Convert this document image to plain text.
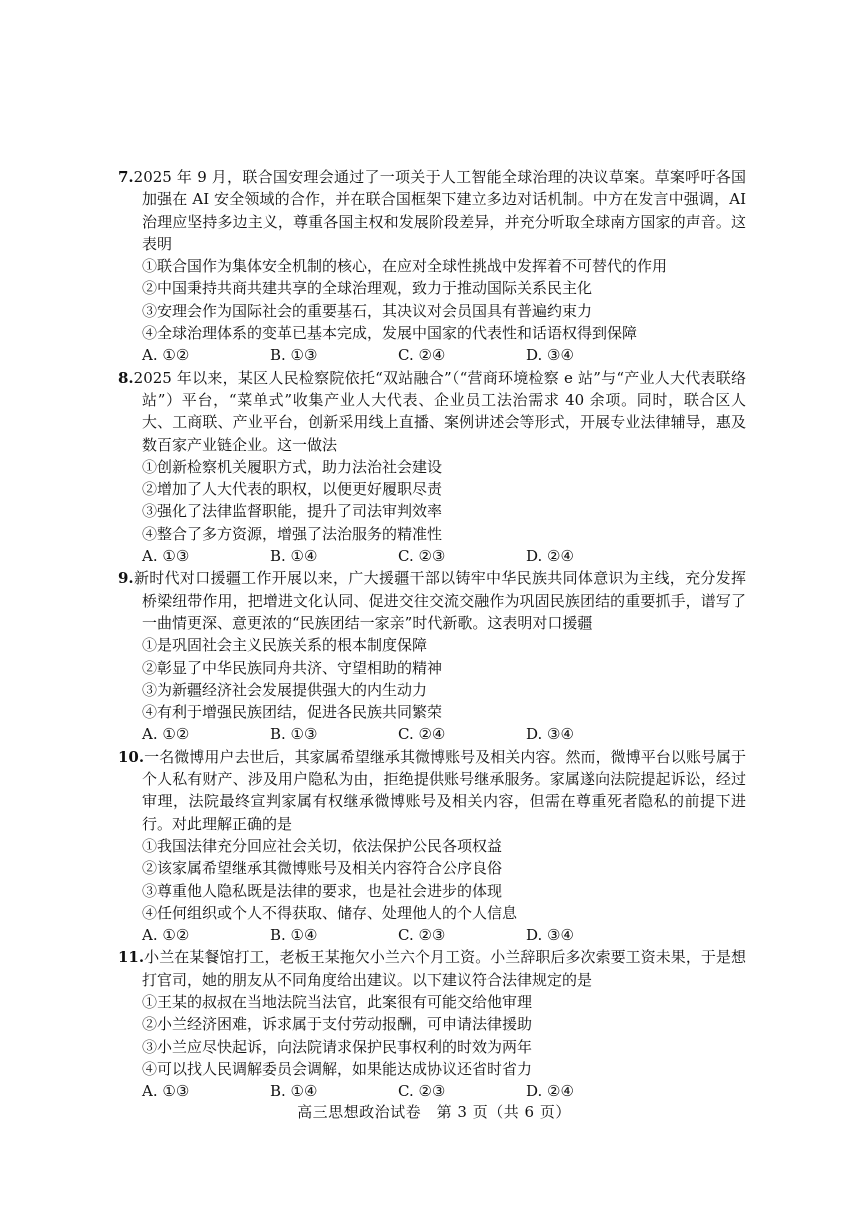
7.2025 年 9 月，联合国安理会通过了一项关于人工智能全球治理的决议草案。草案呼吁各国加强在 AI 安全领域的合作，并在联合国框架下建立多边对话机制。中方在发言中强调，AI 治理应坚持多边主义，尊重各国主权和发展阶段差异，并充分听取全球南方国家的声音。这表明

①联合国作为集体安全机制的核心，在应对全球性挑战中发挥着不可替代的作用
②中国秉持共商共建共享的全球治理观，致力于推动国际关系民主化
③安理会作为国际社会的重要基石，其决议对会员国具有普遍约束力
④全球治理体系的变革已基本完成，发展中国家的代表性和话语权得到保障
A. ①②	B. ①③	C. ②④	D. ③④

8.2025 年以来，某区人民检察院依托“双站融合”（“营商环境检察 e 站”与“产业人大代表联络站”）平台，“菜单式”收集产业人大代表、企业员工法治需求 40 余项。同时，联合区人大、工商联、产业平台，创新采用线上直播、案例讲述会等形式，开展专业法律辅导，惠及数百家产业链企业。这一做法

①创新检察机关履职方式，助力法治社会建设
②增加了人大代表的职权，以便更好履职尽责
③强化了法律监督职能，提升了司法审判效率
④整合了多方资源，增强了法治服务的精准性
A. ①③	B. ①④	C. ②③	D. ②④

9.新时代对口援疆工作开展以来，广大援疆干部以铸牢中华民族共同体意识为主线，充分发挥桥梁纽带作用，把增进文化认同、促进交往交流交融作为巩固民族团结的重要抓手，谱写了一曲情更深、意更浓的“民族团结一家亲”时代新歌。这表明对口援疆

①是巩固社会主义民族关系的根本制度保障
②彰显了中华民族同舟共济、守望相助的精神
③为新疆经济社会发展提供强大的内生动力
④有利于增强民族团结，促进各民族共同繁荣
A. ①②	B. ①③	C. ②④	D. ③④

10.一名微博用户去世后，其家属希望继承其微博账号及相关内容。然而，微博平台以账号属于个人私有财产、涉及用户隐私为由，拒绝提供账号继承服务。家属遂向法院提起诉讼，经过审理，法院最终宣判家属有权继承微博账号及相关内容，但需在尊重死者隐私的前提下进行。对此理解正确的是

①我国法律充分回应社会关切，依法保护公民各项权益
②该家属希望继承其微博账号及相关内容符合公序良俗
③尊重他人隐私既是法律的要求，也是社会进步的体现
④任何组织或个人不得获取、储存、处理他人的个人信息
A. ①②	B. ①④	C. ②③	D. ③④

11.小兰在某餐馆打工，老板王某拖欠小兰六个月工资。小兰辞职后多次索要工资未果，于是想打官司，她的朋友从不同角度给出建议。以下建议符合法律规定的是

①王某的叔叔在当地法院当法官，此案很有可能交给他审理
②小兰经济困难，诉求属于支付劳动报酬，可申请法律援助
③小兰应尽快起诉，向法院请求保护民事权利的时效为两年
④可以找人民调解委员会调解，如果能达成协议还省时省力
A. ①③	B. ①④	C. ②③	D. ②④
高三思想政治试卷　第 3 页（共 6 页）
